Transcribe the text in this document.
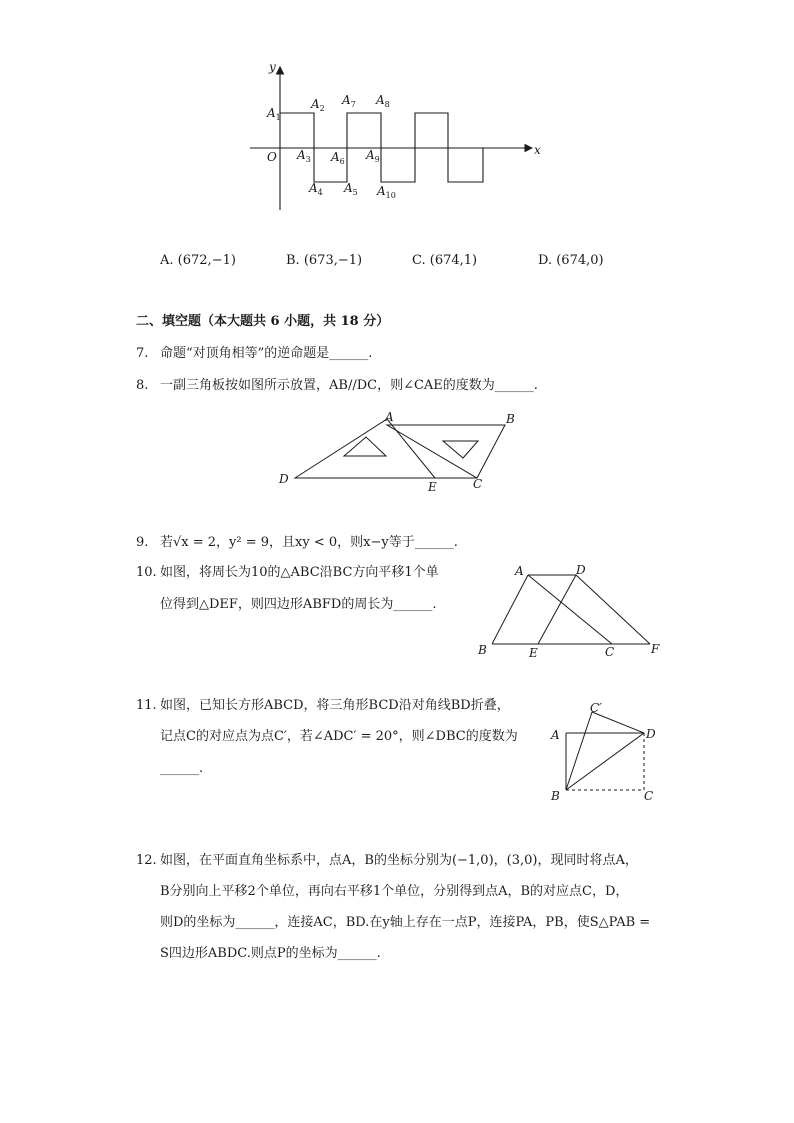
y
x
O
$A_1$
$A_2$
$A_3$
$A_4$ $A_5$
$A_6$
$A_7$ $A_8$
$A_9$
$A_{10}$
A. (672,−1)	B. (673,−1)	C. (674,1)	D. (674,0)
二、填空题（本大题共 6 小题，共 18 分）
7. 命题“对顶角相等”的逆命题是______.
8. 一副三角板按如图所示放置，AB//DC，则∠CAE的度数为______.
A	B
C
D
E
9. 若√x = 2，y² = 9，且xy < 0，则x−y等于______.
10. 如图，将周长为10的△ABC沿BC方向平移1个单
位得到△DEF，则四边形ABFD的周长为______.
A	D
B	E	C	F
11. 如图，已知长方形ABCD，将三角形BCD沿对角线BD折叠，
记点C的对应点为点C′，若∠ADC′ = 20°，则∠DBC的度数为
______.
C′
A	D
B	C
12. 如图，在平面直角坐标系中，点A，B的坐标分别为(−1,0)，(3,0)，现同时将点A，
B分别向上平移2个单位，再向右平移1个单位，分别得到点A，B的对应点C，D，
则D的坐标为______，连接AC，BD.在y轴上存在一点P，连接PA，PB，使S△PAB =
S四边形ABDC.则点P的坐标为______.
